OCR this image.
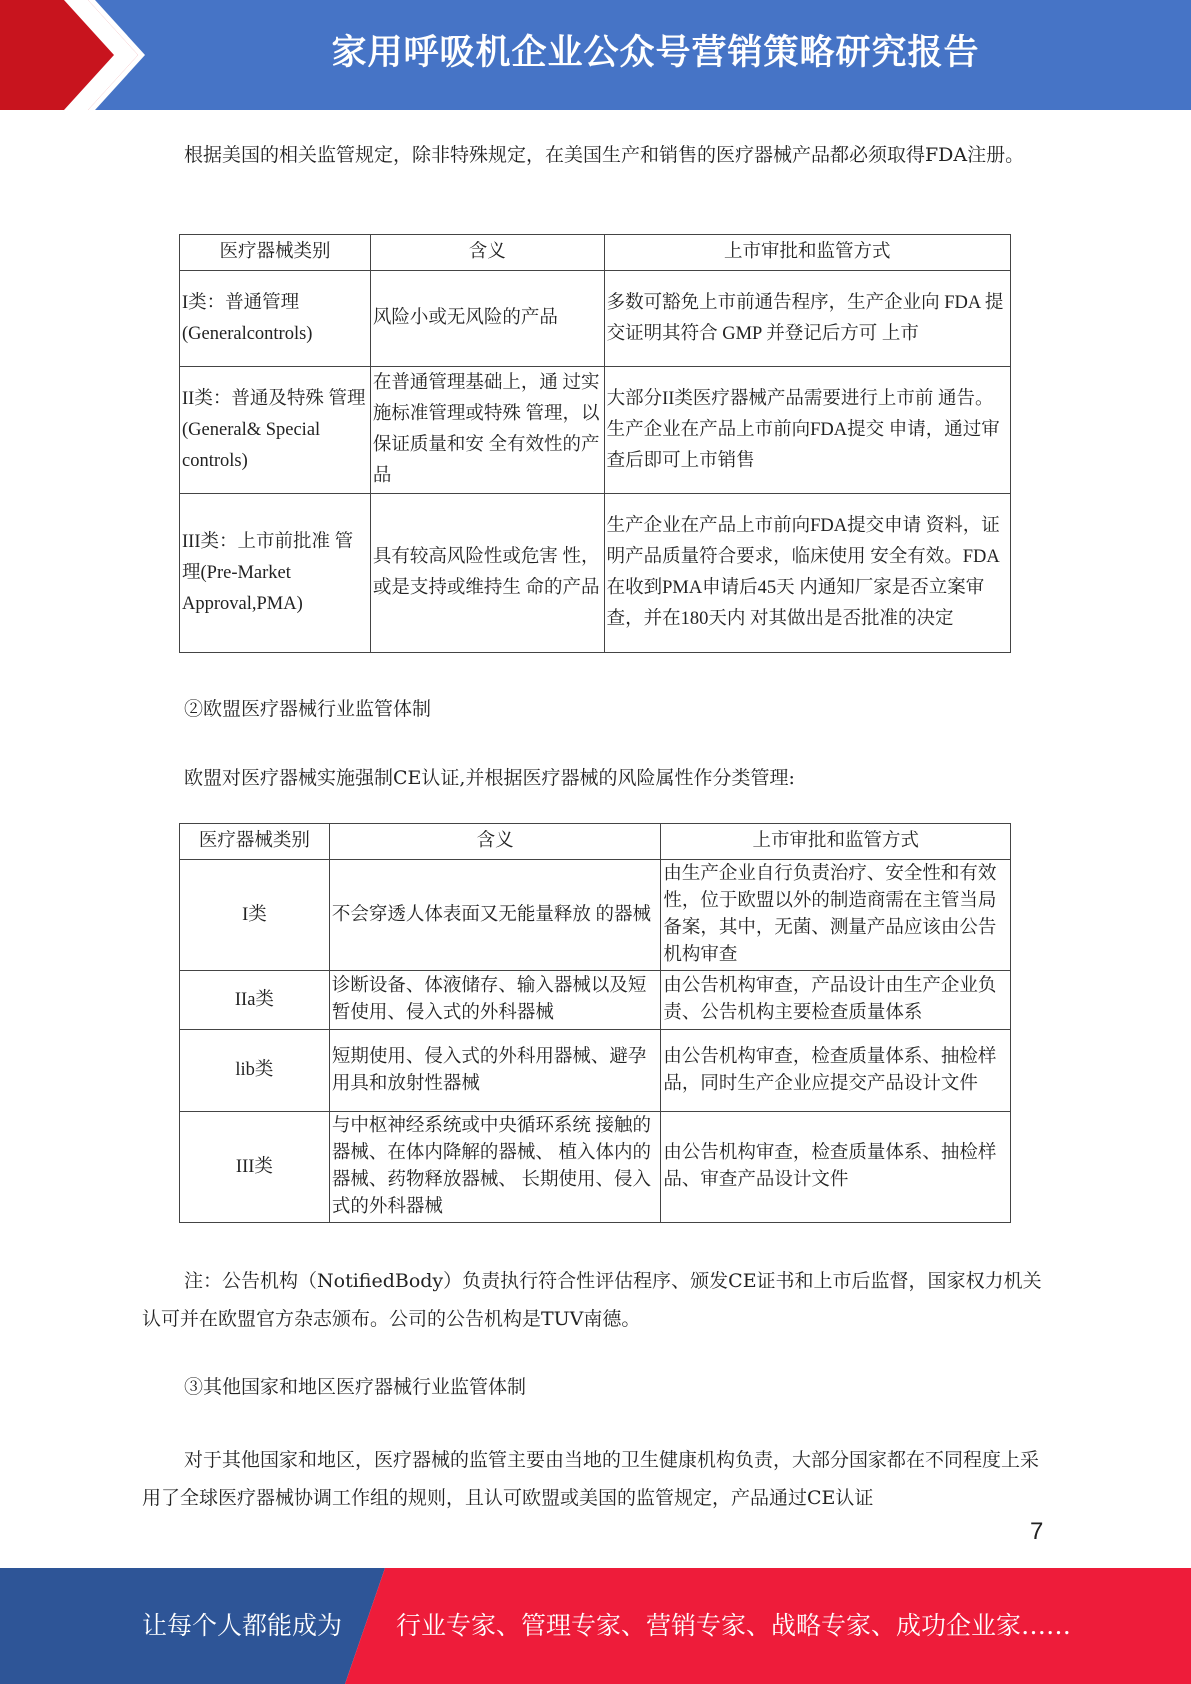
家用呼吸机企业公众号营销策略研究报告

根据美国的相关监管规定，除非特殊规定，在美国生产和销售的医疗器械产品都必须取得FDA注册。

医疗器械类别	含义	上市审批和监管方式
I类：普通管理 (Generalcontrols)	风险小或无风险的产品	多数可豁免上市前通告程序，生产企业向 FDA 提交证明其符合 GMP 并登记后方可 上市
II类：普通及特殊 管理(General& Special controls)	在普通管理基础上，通 过实施标准管理或特殊 管理，以保证质量和安 全有效性的产品	大部分II类医疗器械产品需要进行上市前 通告。生产企业在产品上市前向FDA提交 申请，通过审查后即可上市销售
III类：上市前批准 管理(Pre-Market Approval,PMA)	具有较高风险性或危害 性，或是支持或维持生 命的产品	生产企业在产品上市前向FDA提交申请 资料，证明产品质量符合要求，临床使用 安全有效。FDA在收到PMA申请后45天 内通知厂家是否立案审查，并在180天内 对其做出是否批准的决定

②欧盟医疗器械行业监管体制

欧盟对医疗器械实施强制CE认证,并根据医疗器械的风险属性作分类管理:

医疗器械类别	含义	上市审批和监管方式
I类	不会穿透人体表面又无能量释放 的器械	由生产企业自行负责治疗、安全性和有效性，位于欧盟以外的制造商需在主管当局备案，其中，无菌、测量产品应该由公告机构审查
IIa类	诊断设备、体液储存、输入器械以及短暂使用、侵入式的外科器械	由公告机构审查，产品设计由生产企业负责、公告机构主要检查质量体系
lib类	短期使用、侵入式的外科用器械、避孕用具和放射性器械	由公告机构审查，检查质量体系、抽检样品，同时生产企业应提交产品设计文件
III类	与中枢神经系统或中央循环系统 接触的器械、在体内降解的器械、 植入体内的器械、药物释放器械、 长期使用、侵入式的外科器械	由公告机构审查，检查质量体系、抽检样品、审查产品设计文件

注：公告机构（NotifiedBody）负责执行符合性评估程序、颁发CE证书和上市后监督，国家权力机关认可并在欧盟官方杂志颁布。公司的公告机构是TUV南德。

③其他国家和地区医疗器械行业监管体制

对于其他国家和地区，医疗器械的监管主要由当地的卫生健康机构负责，大部分国家都在不同程度上采用了全球医疗器械协调工作组的规则，且认可欧盟或美国的监管规定，产品通过CE认证

7
让每个人都能成为 行业专家、管理专家、营销专家、战略专家、成功企业家……
